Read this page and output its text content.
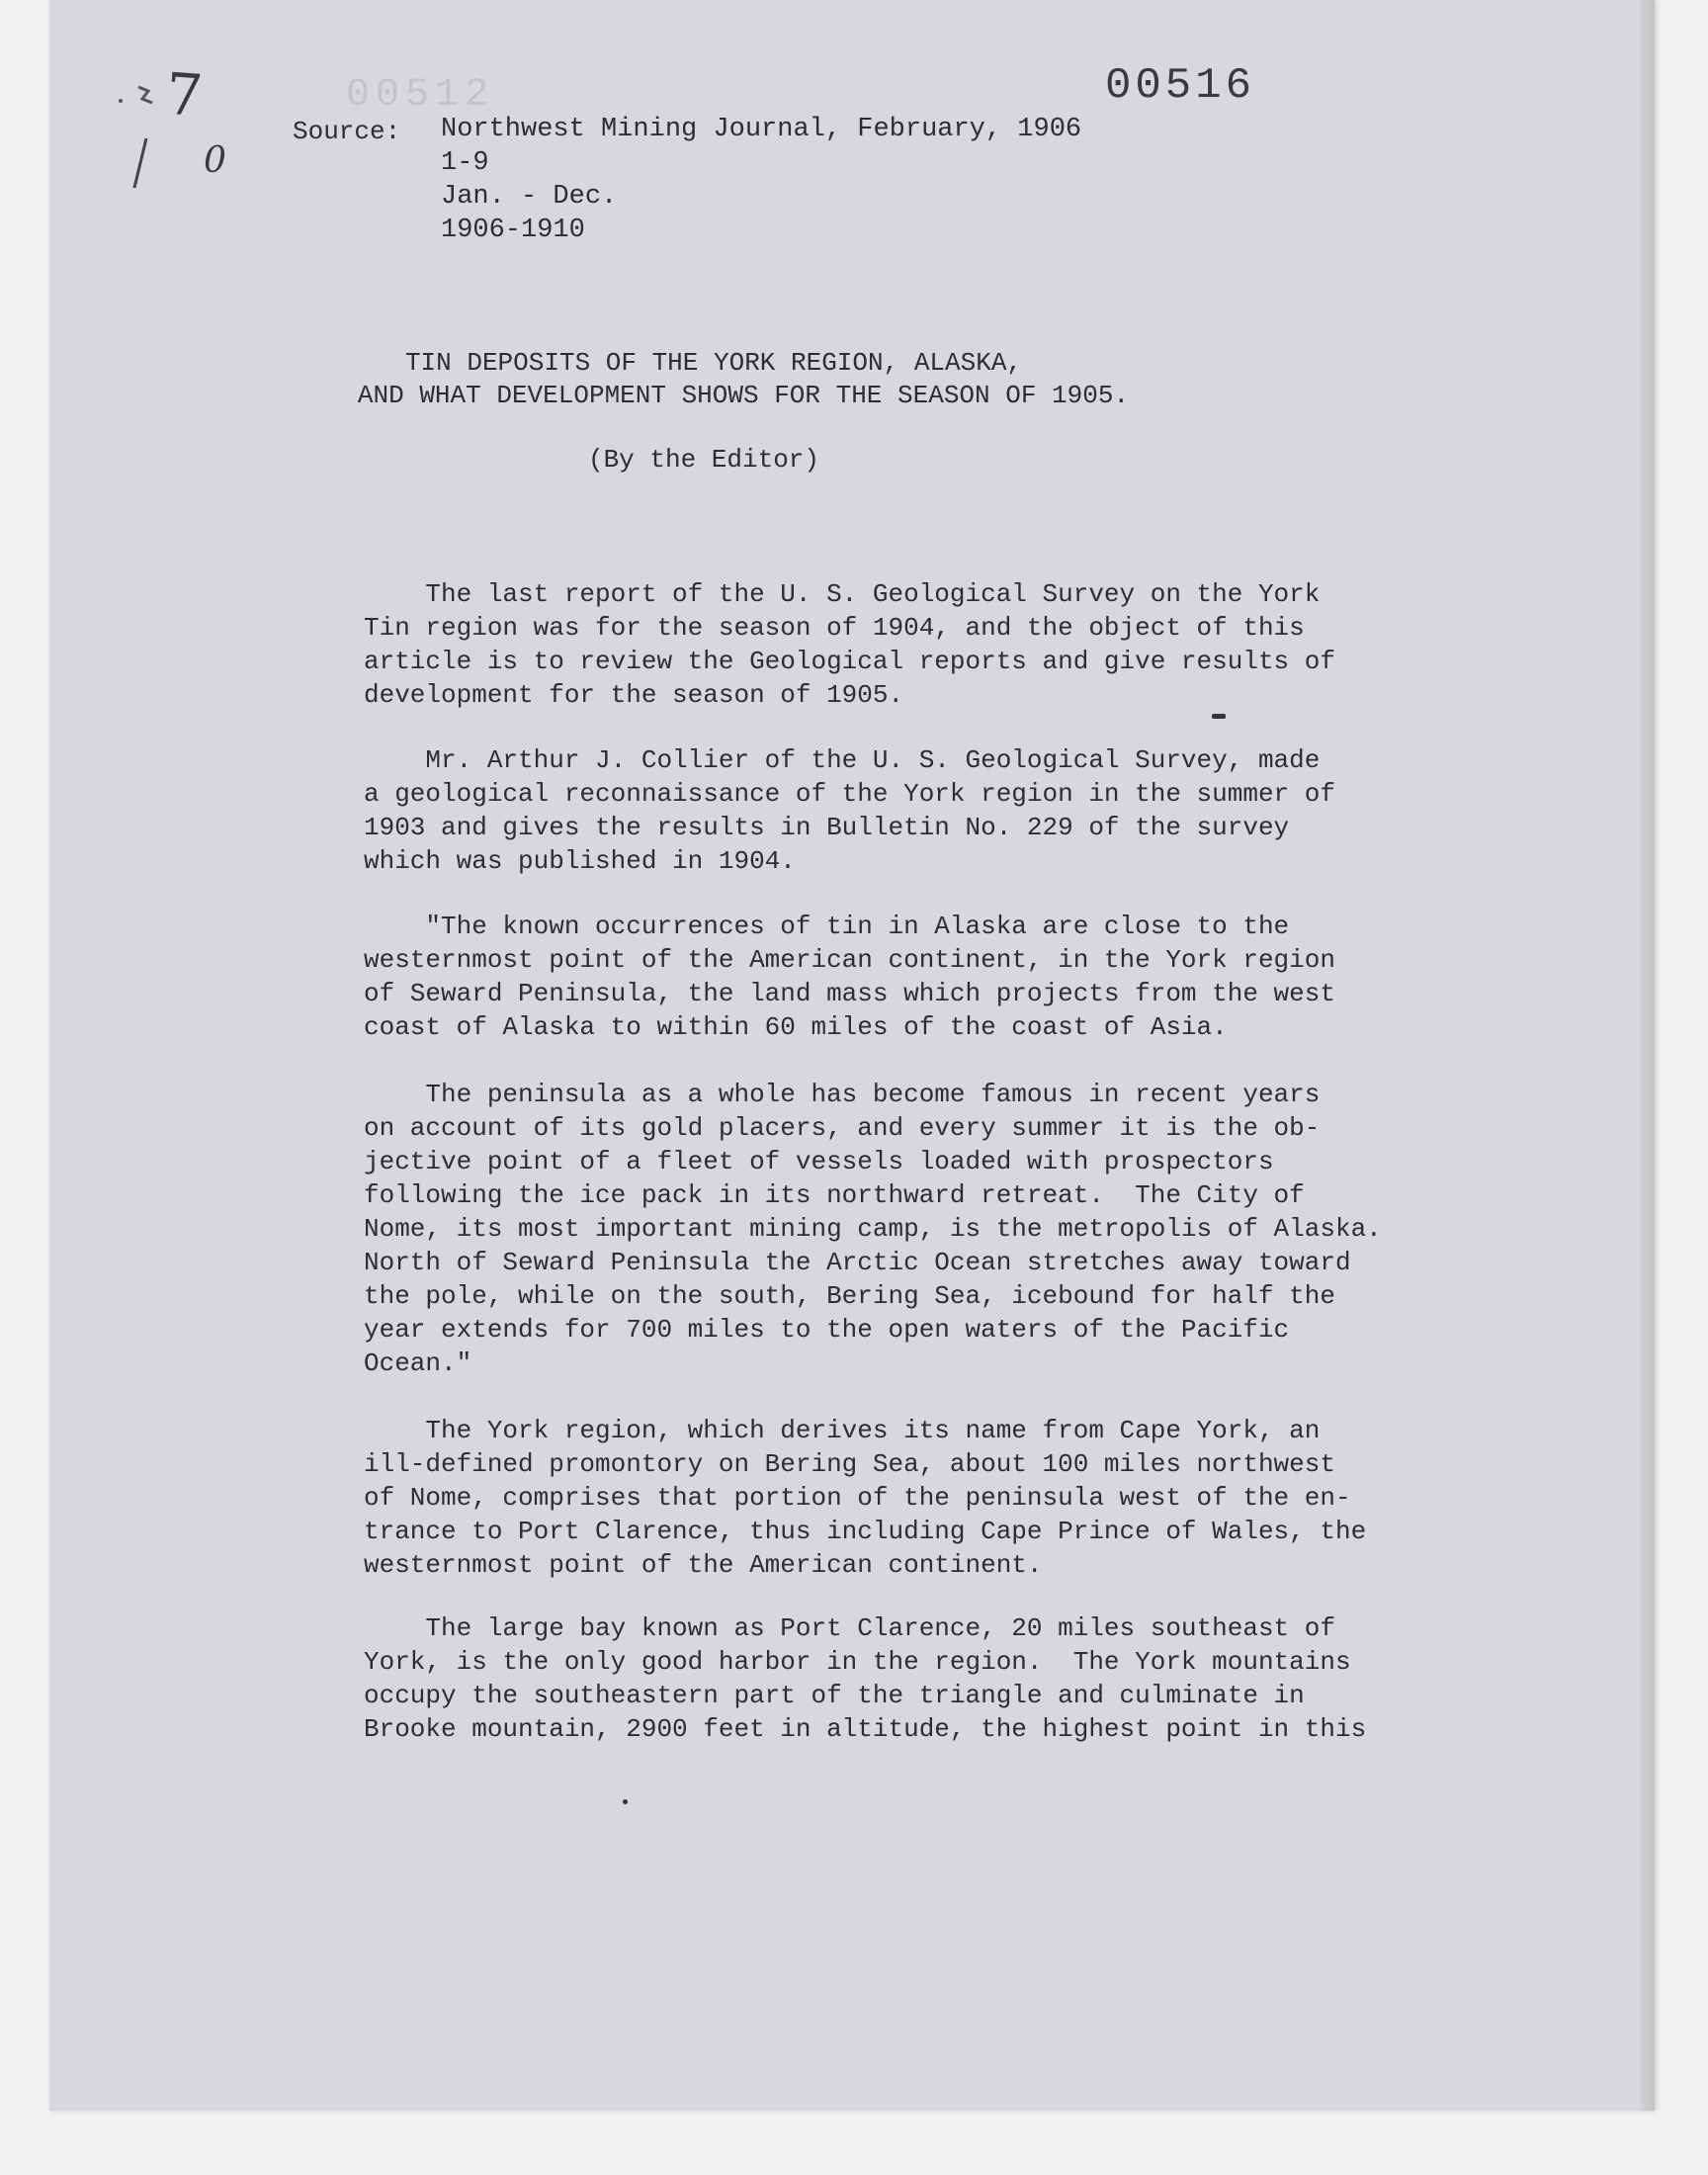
7
0
00512	00516
Source: Northwest Mining Journal, February, 1906
1-9
Jan. - Dec.
1906-1910
TIN DEPOSITS OF THE YORK REGION, ALASKA,
AND WHAT DEVELOPMENT SHOWS FOR THE SEASON OF 1905.
(By the Editor)
The last report of the U. S. Geological Survey on the York
Tin region was for the season of 1904, and the object of this
article is to review the Geological reports and give results of
development for the season of 1905.
Mr. Arthur J. Collier of the U. S. Geological Survey, made
a geological reconnaissance of the York region in the summer of
1903 and gives the results in Bulletin No. 229 of the survey
which was published in 1904.
"The known occurrences of tin in Alaska are close to the
westernmost point of the American continent, in the York region
of Seward Peninsula, the land mass which projects from the west
coast of Alaska to within 60 miles of the coast of Asia.
The peninsula as a whole has become famous in recent years
on account of its gold placers, and every summer it is the ob-
jective point of a fleet of vessels loaded with prospectors
following the ice pack in its northward retreat.  The City of
Nome, its most important mining camp, is the metropolis of Alaska.
North of Seward Peninsula the Arctic Ocean stretches away toward
the pole, while on the south, Bering Sea, icebound for half the
year extends for 700 miles to the open waters of the Pacific
Ocean."
The York region, which derives its name from Cape York, an
ill-defined promontory on Bering Sea, about 100 miles northwest
of Nome, comprises that portion of the peninsula west of the en-
trance to Port Clarence, thus including Cape Prince of Wales, the
westernmost point of the American continent.
The large bay known as Port Clarence, 20 miles southeast of
York, is the only good harbor in the region.  The York mountains
occupy the southeastern part of the triangle and culminate in
Brooke mountain, 2900 feet in altitude, the highest point in this
